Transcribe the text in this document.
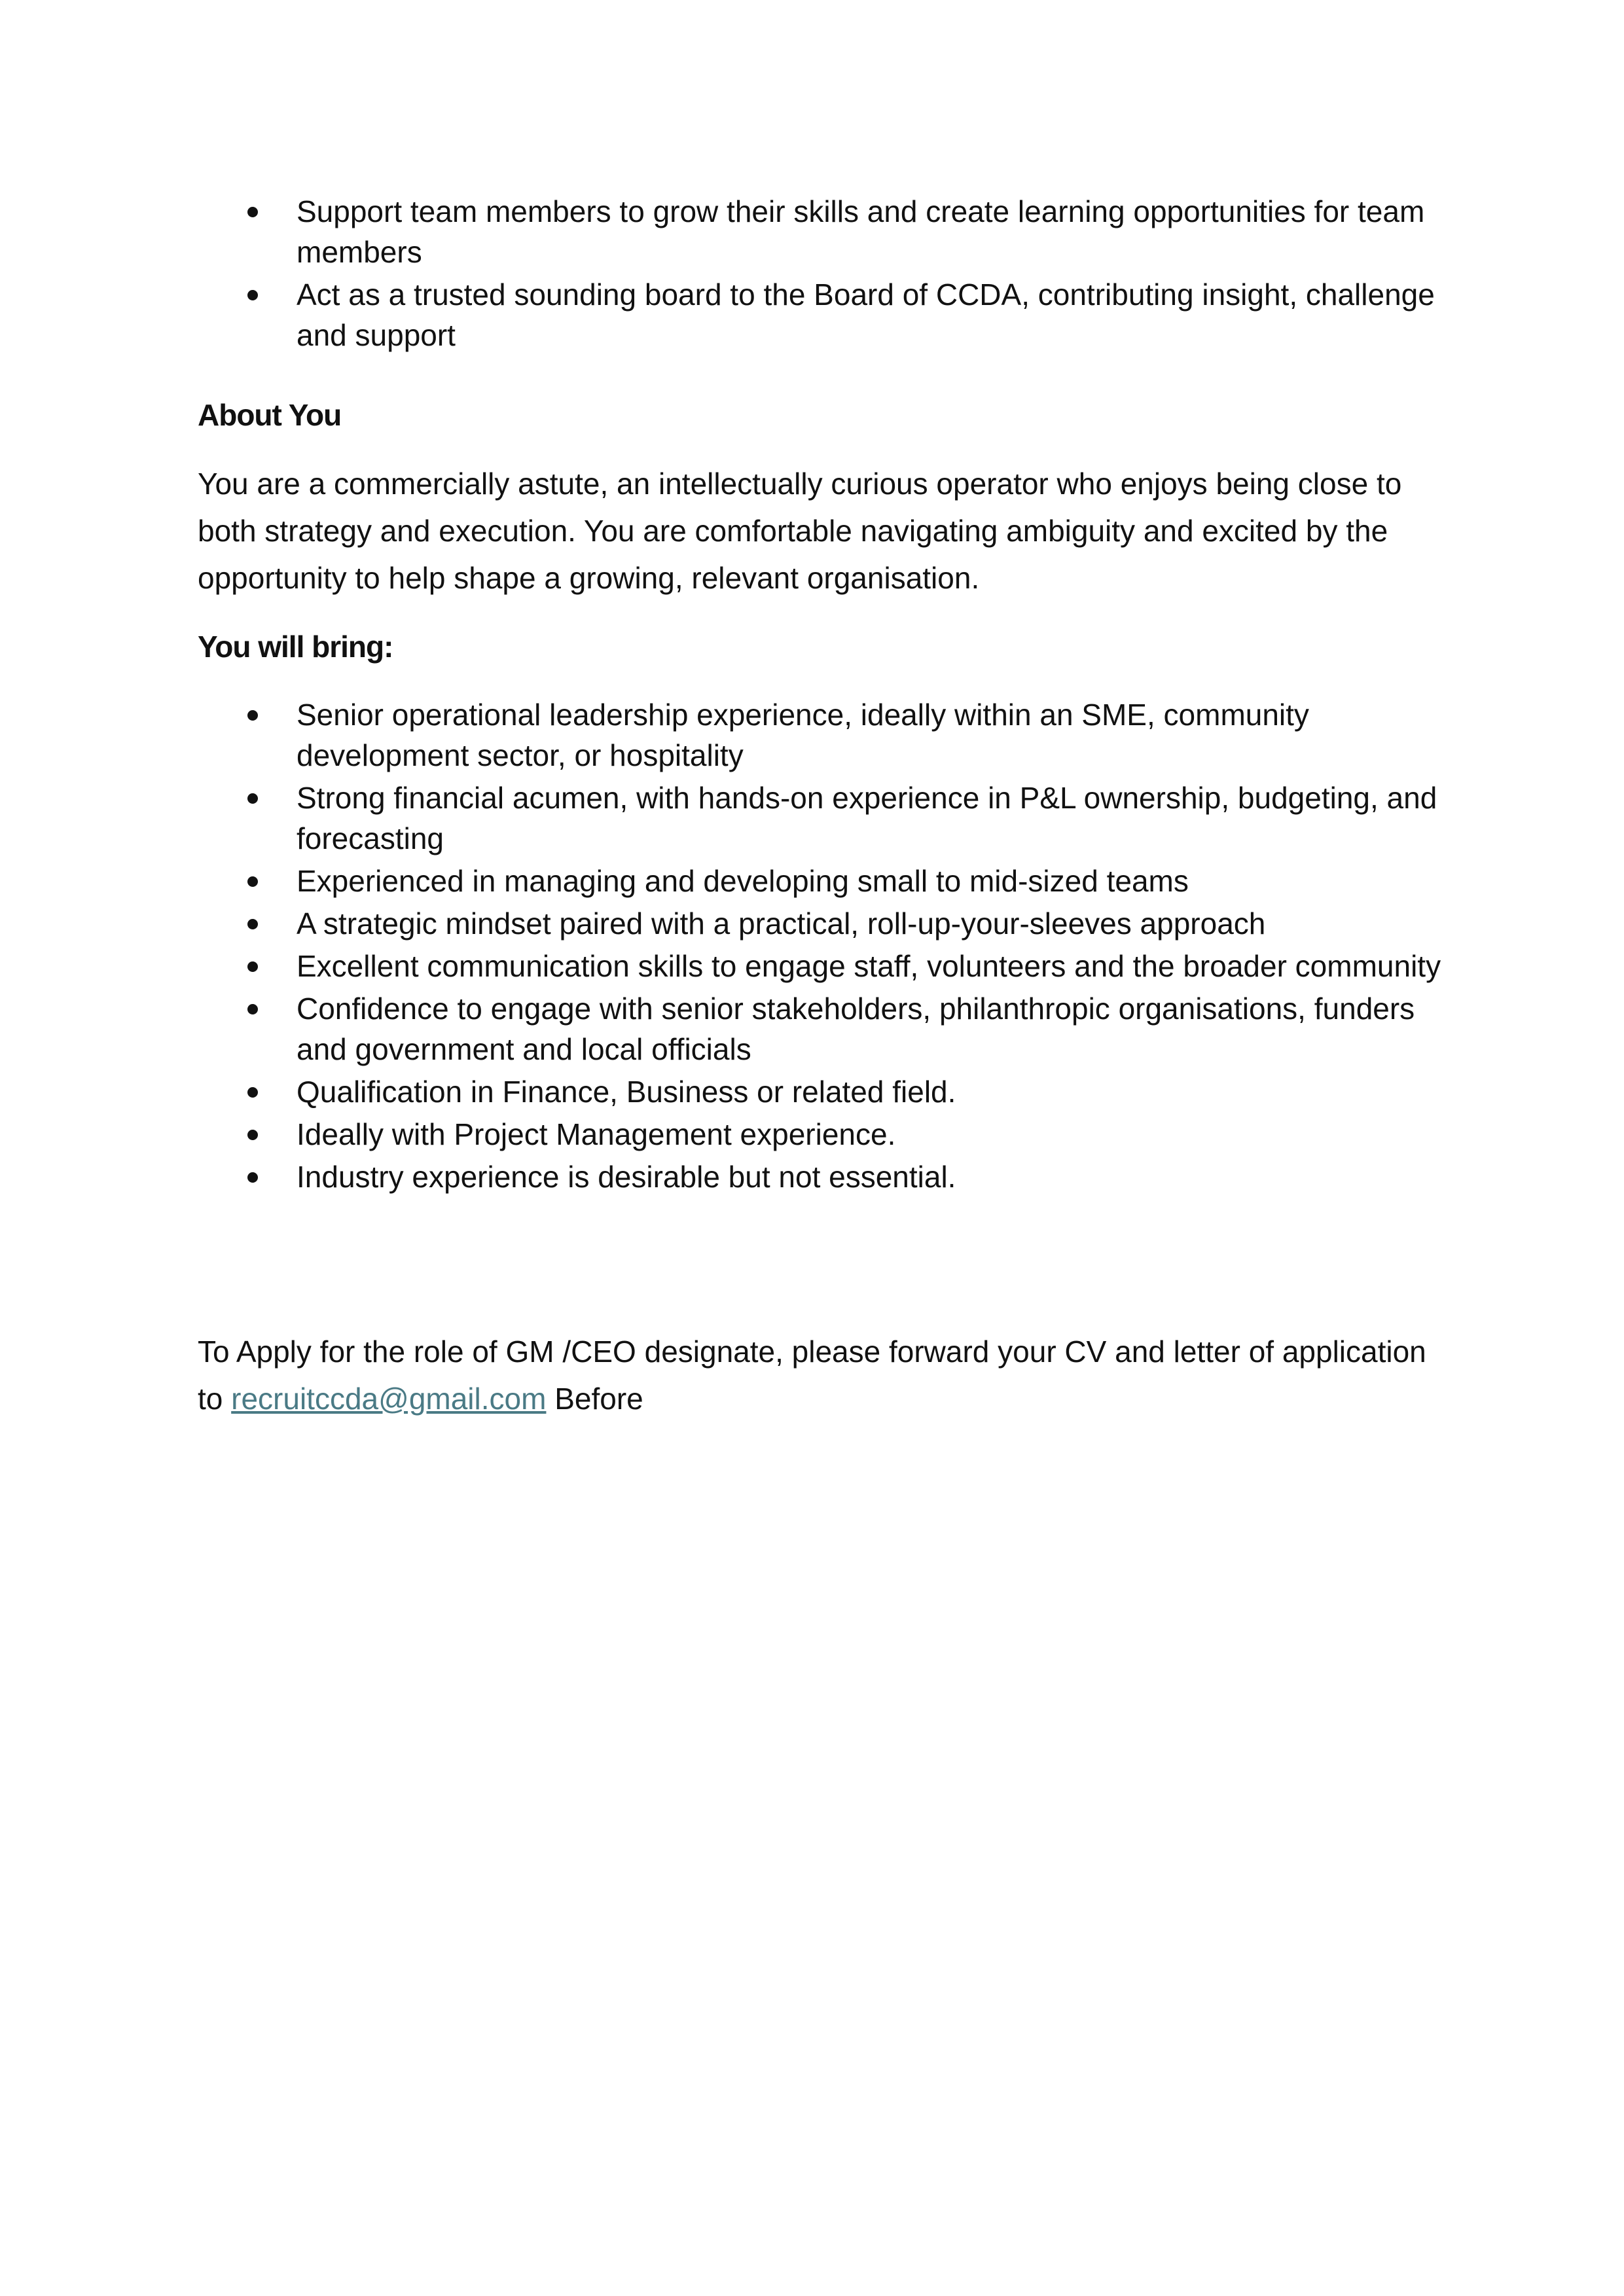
Support team members to grow their skills and create learning opportunities for team members
Act as a trusted sounding board to the Board of CCDA, contributing insight, challenge and support

About You

You are a commercially astute, an intellectually curious operator who enjoys being close to both strategy and execution. You are comfortable navigating ambiguity and excited by the opportunity to help shape a growing, relevant organisation.

You will bring:

Senior operational leadership experience, ideally within an SME, community development sector, or hospitality
Strong financial acumen, with hands-on experience in P&L ownership, budgeting, and forecasting
Experienced in managing and developing small to mid-sized teams
A strategic mindset paired with a practical, roll-up-your-sleeves approach
Excellent communication skills to engage staff, volunteers and the broader community
Confidence to engage with senior stakeholders, philanthropic organisations, funders and government and local officials
Qualification in Finance, Business or related field.
Ideally with Project Management experience.
Industry experience is desirable but not essential.

To Apply for the role of GM /CEO designate, please forward your CV and letter of application to recruitccda@gmail.com Before
